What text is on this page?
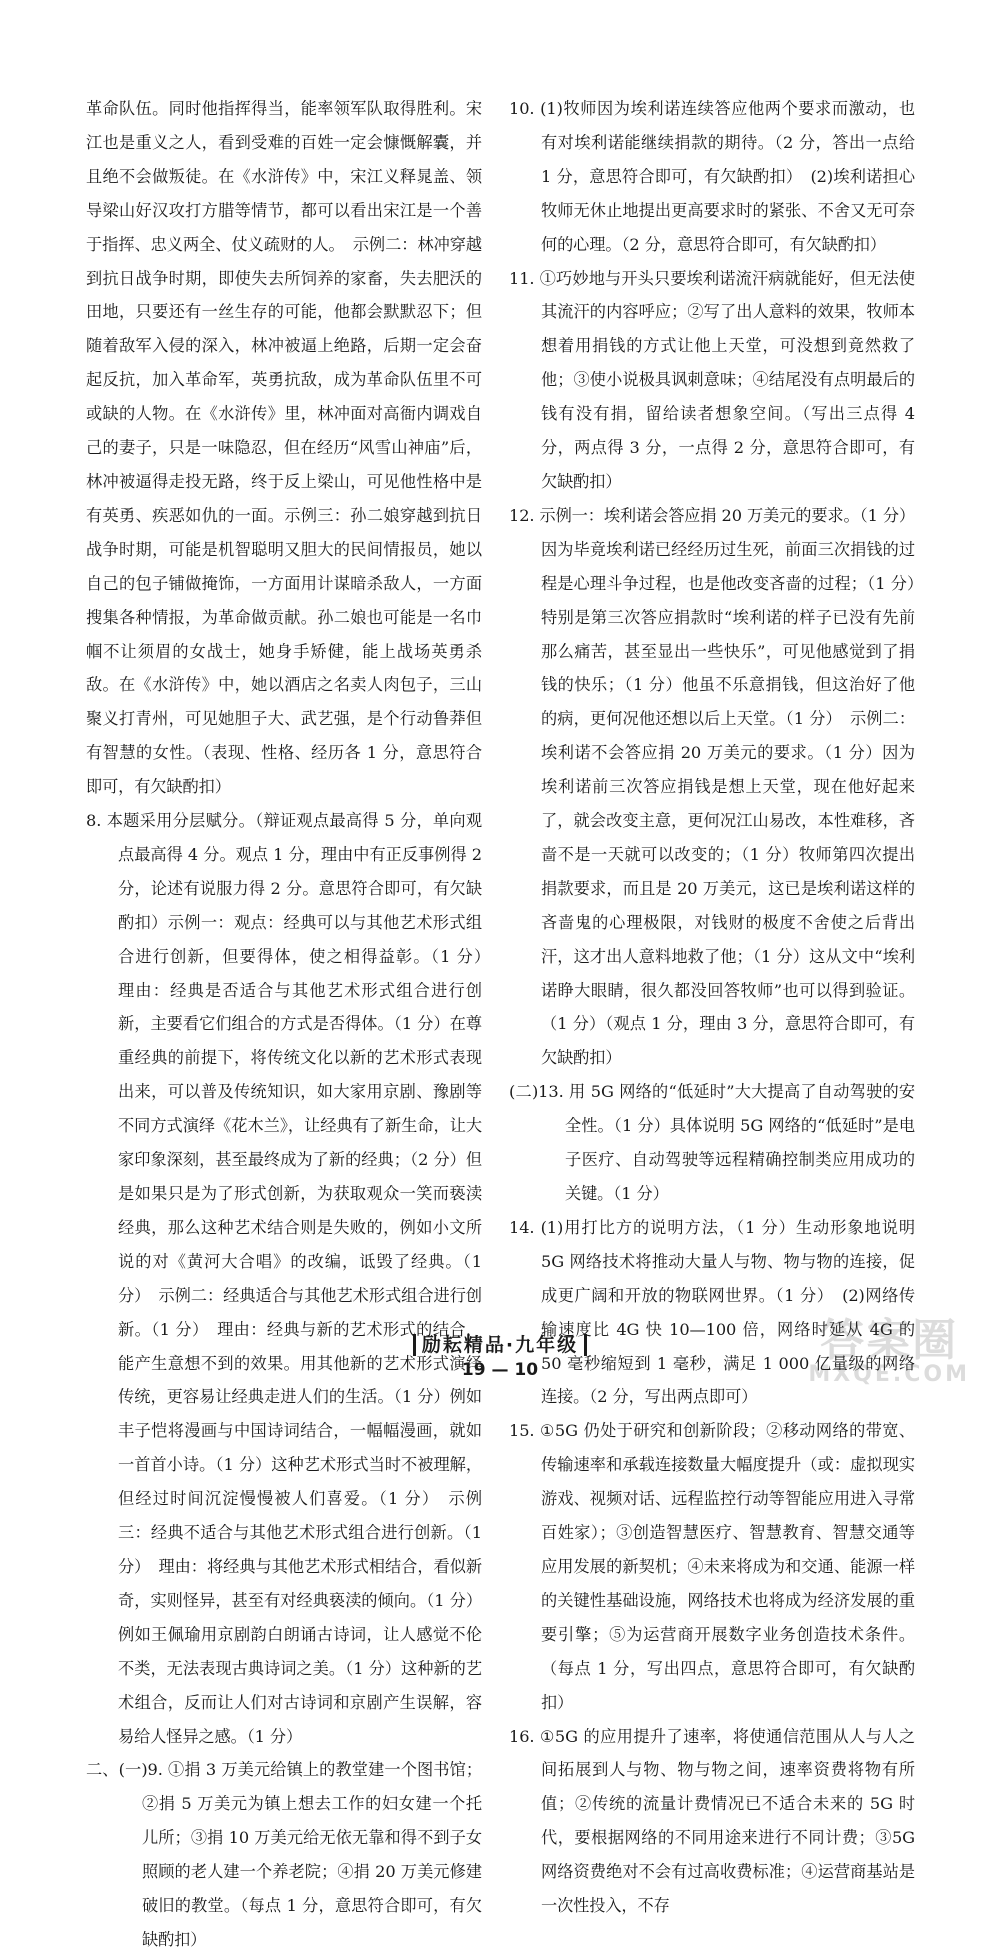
革命队伍。同时他指挥得当，能率领军队取得胜利。宋江也是重义之人，看到受难的百姓一定会慷慨解囊，并且绝不会做叛徒。在《水浒传》中，宋江义释晁盖、领导梁山好汉攻打方腊等情节，都可以看出宋江是一个善于指挥、忠义两全、仗义疏财的人。　示例二：林冲穿越到抗日战争时期，即使失去所饲养的家畜，失去肥沃的田地，只要还有一丝生存的可能，他都会默默忍下；但随着敌军入侵的深入，林冲被逼上绝路，后期一定会奋起反抗，加入革命军，英勇抗敌，成为革命队伍里不可或缺的人物。在《水浒传》里，林冲面对高衙内调戏自己的妻子，只是一味隐忍，但在经历“风雪山神庙”后，林冲被逼得走投无路，终于反上梁山，可见他性格中是有英勇、疾恶如仇的一面。示例三：孙二娘穿越到抗日战争时期，可能是机智聪明又胆大的民间情报员，她以自己的包子铺做掩饰，一方面用计谋暗杀敌人，一方面搜集各种情报，为革命做贡献。孙二娘也可能是一名巾帼不让须眉的女战士，她身手矫健，能上战场英勇杀敌。在《水浒传》中，她以酒店之名卖人肉包子，三山聚义打青州，可见她胆子大、武艺强，是个行动鲁莽但有智慧的女性。（表现、性格、经历各 1 分，意思符合即可，有欠缺酌扣）

8. 本题采用分层赋分。（辩证观点最高得 5 分，单向观点最高得 4 分。观点 1 分，理由中有正反事例得 2 分，论述有说服力得 2 分。意思符合即可，有欠缺酌扣）示例一：观点：经典可以与其他艺术形式组合进行创新，但要得体，使之相得益彰。（1 分）　理由：经典是否适合与其他艺术形式组合进行创新，主要看它们组合的方式是否得体。（1 分）在尊重经典的前提下，将传统文化以新的艺术形式表现出来，可以普及传统知识，如大家用京剧、豫剧等不同方式演绎《花木兰》，让经典有了新生命，让大家印象深刻，甚至最终成为了新的经典；（2 分）但是如果只是为了形式创新，为获取观众一笑而亵渎经典，那么这种艺术结合则是失败的，例如小文所说的对《黄河大合唱》的改编，诋毁了经典。（1 分）　示例二：经典适合与其他艺术形式组合进行创新。（1 分）　理由：经典与新的艺术形式的结合，能产生意想不到的效果。用其他新的艺术形式演绎传统，更容易让经典走进人们的生活。（1 分）例如丰子恺将漫画与中国诗词结合，一幅幅漫画，就如一首首小诗。（1 分）这种艺术形式当时不被理解，但经过时间沉淀慢慢被人们喜爱。（1 分）　示例三：经典不适合与其他艺术形式组合进行创新。（1 分）　理由：将经典与其他艺术形式相结合，看似新奇，实则怪异，甚至有对经典亵渎的倾向。（1 分）例如王佩瑜用京剧韵白朗诵古诗词，让人感觉不伦不类，无法表现古典诗词之美。（1 分）这种新的艺术组合，反而让人们对古诗词和京剧产生误解，容易给人怪异之感。（1 分）

二、(一)9. ①捐 3 万美元给镇上的教堂建一个图书馆；②捐 5 万美元为镇上想去工作的妇女建一个托儿所；③捐 10 万美元给无依无靠和得不到子女照顾的老人建一个养老院；④捐 20 万美元修建破旧的教堂。（每点 1 分，意思符合即可，有欠缺酌扣）

10. (1)牧师因为埃利诺连续答应他两个要求而激动，也有对埃利诺能继续捐款的期待。（2 分，答出一点给 1 分，意思符合即可，有欠缺酌扣）　(2)埃利诺担心牧师无休止地提出更高要求时的紧张、不舍又无可奈何的心理。（2 分，意思符合即可，有欠缺酌扣）

11. ①巧妙地与开头只要埃利诺流汗病就能好，但无法使其流汗的内容呼应；②写了出人意料的效果，牧师本想着用捐钱的方式让他上天堂，可没想到竟然救了他；③使小说极具讽刺意味；④结尾没有点明最后的钱有没有捐，留给读者想象空间。（写出三点得 4 分，两点得 3 分，一点得 2 分，意思符合即可，有欠缺酌扣）

12. 示例一：埃利诺会答应捐 20 万美元的要求。（1 分）因为毕竟埃利诺已经经历过生死，前面三次捐钱的过程是心理斗争过程，也是他改变吝啬的过程；（1 分）特别是第三次答应捐款时“埃利诺的样子已没有先前那么痛苦，甚至显出一些快乐”，可见他感觉到了捐钱的快乐；（1 分）他虽不乐意捐钱，但这治好了他的病，更何况他还想以后上天堂。（1 分）　示例二：埃利诺不会答应捐 20 万美元的要求。（1 分）因为埃利诺前三次答应捐钱是想上天堂，现在他好起来了，就会改变主意，更何况江山易改，本性难移，吝啬不是一天就可以改变的；（1 分）牧师第四次提出捐款要求，而且是 20 万美元，这已是埃利诺这样的吝啬鬼的心理极限，对钱财的极度不舍使之后背出汗，这才出人意料地救了他；（1 分）这从文中“埃利诺睁大眼睛，很久都没回答牧师”也可以得到验证。（1 分）（观点 1 分，理由 3 分，意思符合即可，有欠缺酌扣）

(二)13. 用 5G 网络的“低延时”大大提高了自动驾驶的安全性。（1 分）具体说明 5G 网络的“低延时”是电子医疗、自动驾驶等远程精确控制类应用成功的关键。（1 分）

14. (1)用打比方的说明方法，（1 分）生动形象地说明 5G 网络技术将推动大量人与物、物与物的连接，促成更广阔和开放的物联网世界。（1 分）　(2)网络传输速度比 4G 快 10—100 倍，网络时延从 4G 的 50 毫秒缩短到 1 毫秒，满足 1 000 亿量级的网络连接。（2 分，写出两点即可）

15. ①5G 仍处于研究和创新阶段；②移动网络的带宽、传输速率和承载连接数量大幅度提升（或：虚拟现实游戏、视频对话、远程监控行动等智能应用进入寻常百姓家）；③创造智慧医疗、智慧教育、智慧交通等应用发展的新契机；④未来将成为和交通、能源一样的关键性基础设施，网络技术也将成为经济发展的重要引擎；⑤为运营商开展数字业务创造技术条件。（每点 1 分，写出四点，意思符合即可，有欠缺酌扣）

16. ①5G 的应用提升了速率，将使通信范围从人与人之间拓展到人与物、物与物之间，速率资费将物有所值；②传统的流量计费情况已不适合未来的 5G 时代，要根据网络的不同用途来进行不同计费；③5G 网络资费绝对不会有过高收费标准；④运营商基站是一次性投入，不存

励耘精品·九年级
19 — 10
答案圈
MXQE.COM
